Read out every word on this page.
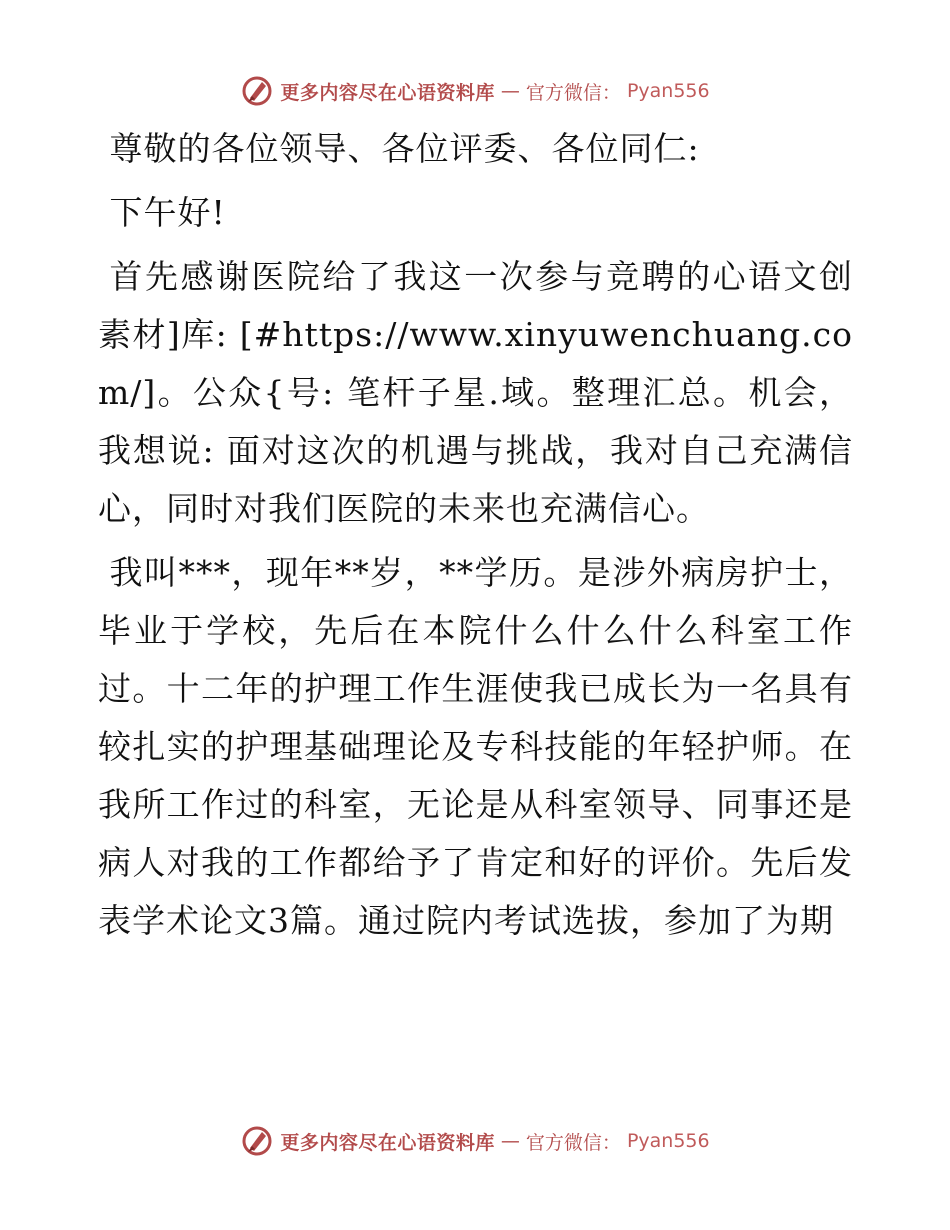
更多内容尽在心语资料库 — 官方微信： Pyan556

尊敬的各位领导、各位评委、各位同仁:

下午好!

首先感谢医院给了我这一次参与竞聘的心语文创素材]库: [#https://www.xinyuwenchuang.com/]。公众{号: 笔杆子星.域。整理汇总。机会，我想说: 面对这次的机遇与挑战，我对自己充满信心，同时对我们医院的未来也充满信心。

我叫***，现年**岁，**学历。是涉外病房护士，毕业于学校，先后在本院什么什么什么科室工作过。十二年的护理工作生涯使我已成长为一名具有较扎实的护理基础理论及专科技能的年轻护师。在我所工作过的科室，无论是从科室领导、同事还是病人对我的工作都给予了肯定和好的评价。先后发表学术论文3篇。通过院内考试选拔，参加了为期

更多内容尽在心语资料库 — 官方微信： Pyan556
